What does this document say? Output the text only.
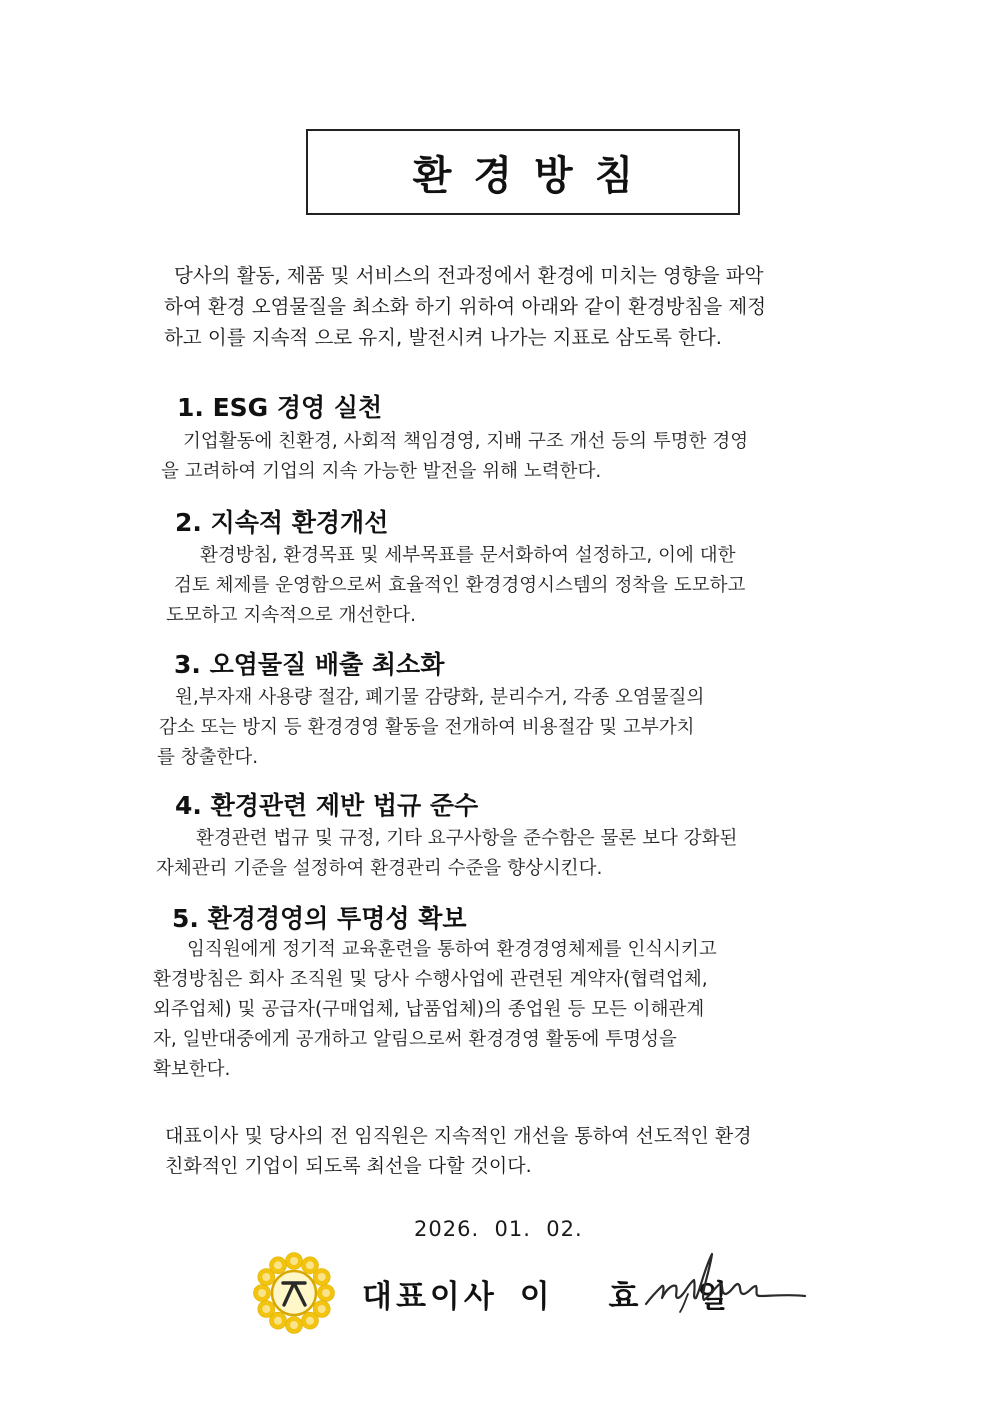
환경방침
당사의 활동, 제품 및 서비스의 전과정에서 환경에 미치는 영향을 파악
하여 환경 오염물질을 최소화 하기 위하여 아래와 같이 환경방침을 제정
하고 이를 지속적 으로 유지, 발전시켜 나가는 지표로 삼도록 한다.
1. ESG 경영 실천
기업활동에 친환경, 사회적 책임경영, 지배 구조 개선 등의 투명한 경영
을 고려하여 기업의 지속 가능한 발전을 위해 노력한다.
2. 지속적 환경개선
환경방침, 환경목표 및 세부목표를 문서화하여 설정하고, 이에 대한
검토 체제를 운영함으로써 효율적인 환경경영시스템의 정착을 도모하고
도모하고 지속적으로 개선한다.
3. 오염물질 배출 최소화
원,부자재 사용량 절감, 폐기물 감량화, 분리수거, 각종 오염물질의
감소 또는 방지 등 환경경영 활동을 전개하여 비용절감 및 고부가치
를 창출한다.
4. 환경관련 제반 법규 준수
환경관련 법규 및 규정, 기타 요구사항을 준수함은 물론 보다 강화된
자체관리 기준을 설정하여 환경관리 수준을 향상시킨다.
5. 환경경영의 투명성 확보
임직원에게 정기적 교육훈련을 통하여 환경경영체제를 인식시키고
환경방침은 회사 조직원 및 당사 수행사업에 관련된 계약자(협력업체,
외주업체) 및 공급자(구매업체, 납품업체)의 종업원 등 모든 이해관계
자, 일반대중에게 공개하고 알림으로써 환경경영 활동에 투명성을
확보한다.
대표이사 및 당사의 전 임직원은 지속적인 개선을 통하여 선도적인 환경
친화적인 기업이 되도록 최선을 다할 것이다.
2026.  01.  02.
대표이사 이 효 일
